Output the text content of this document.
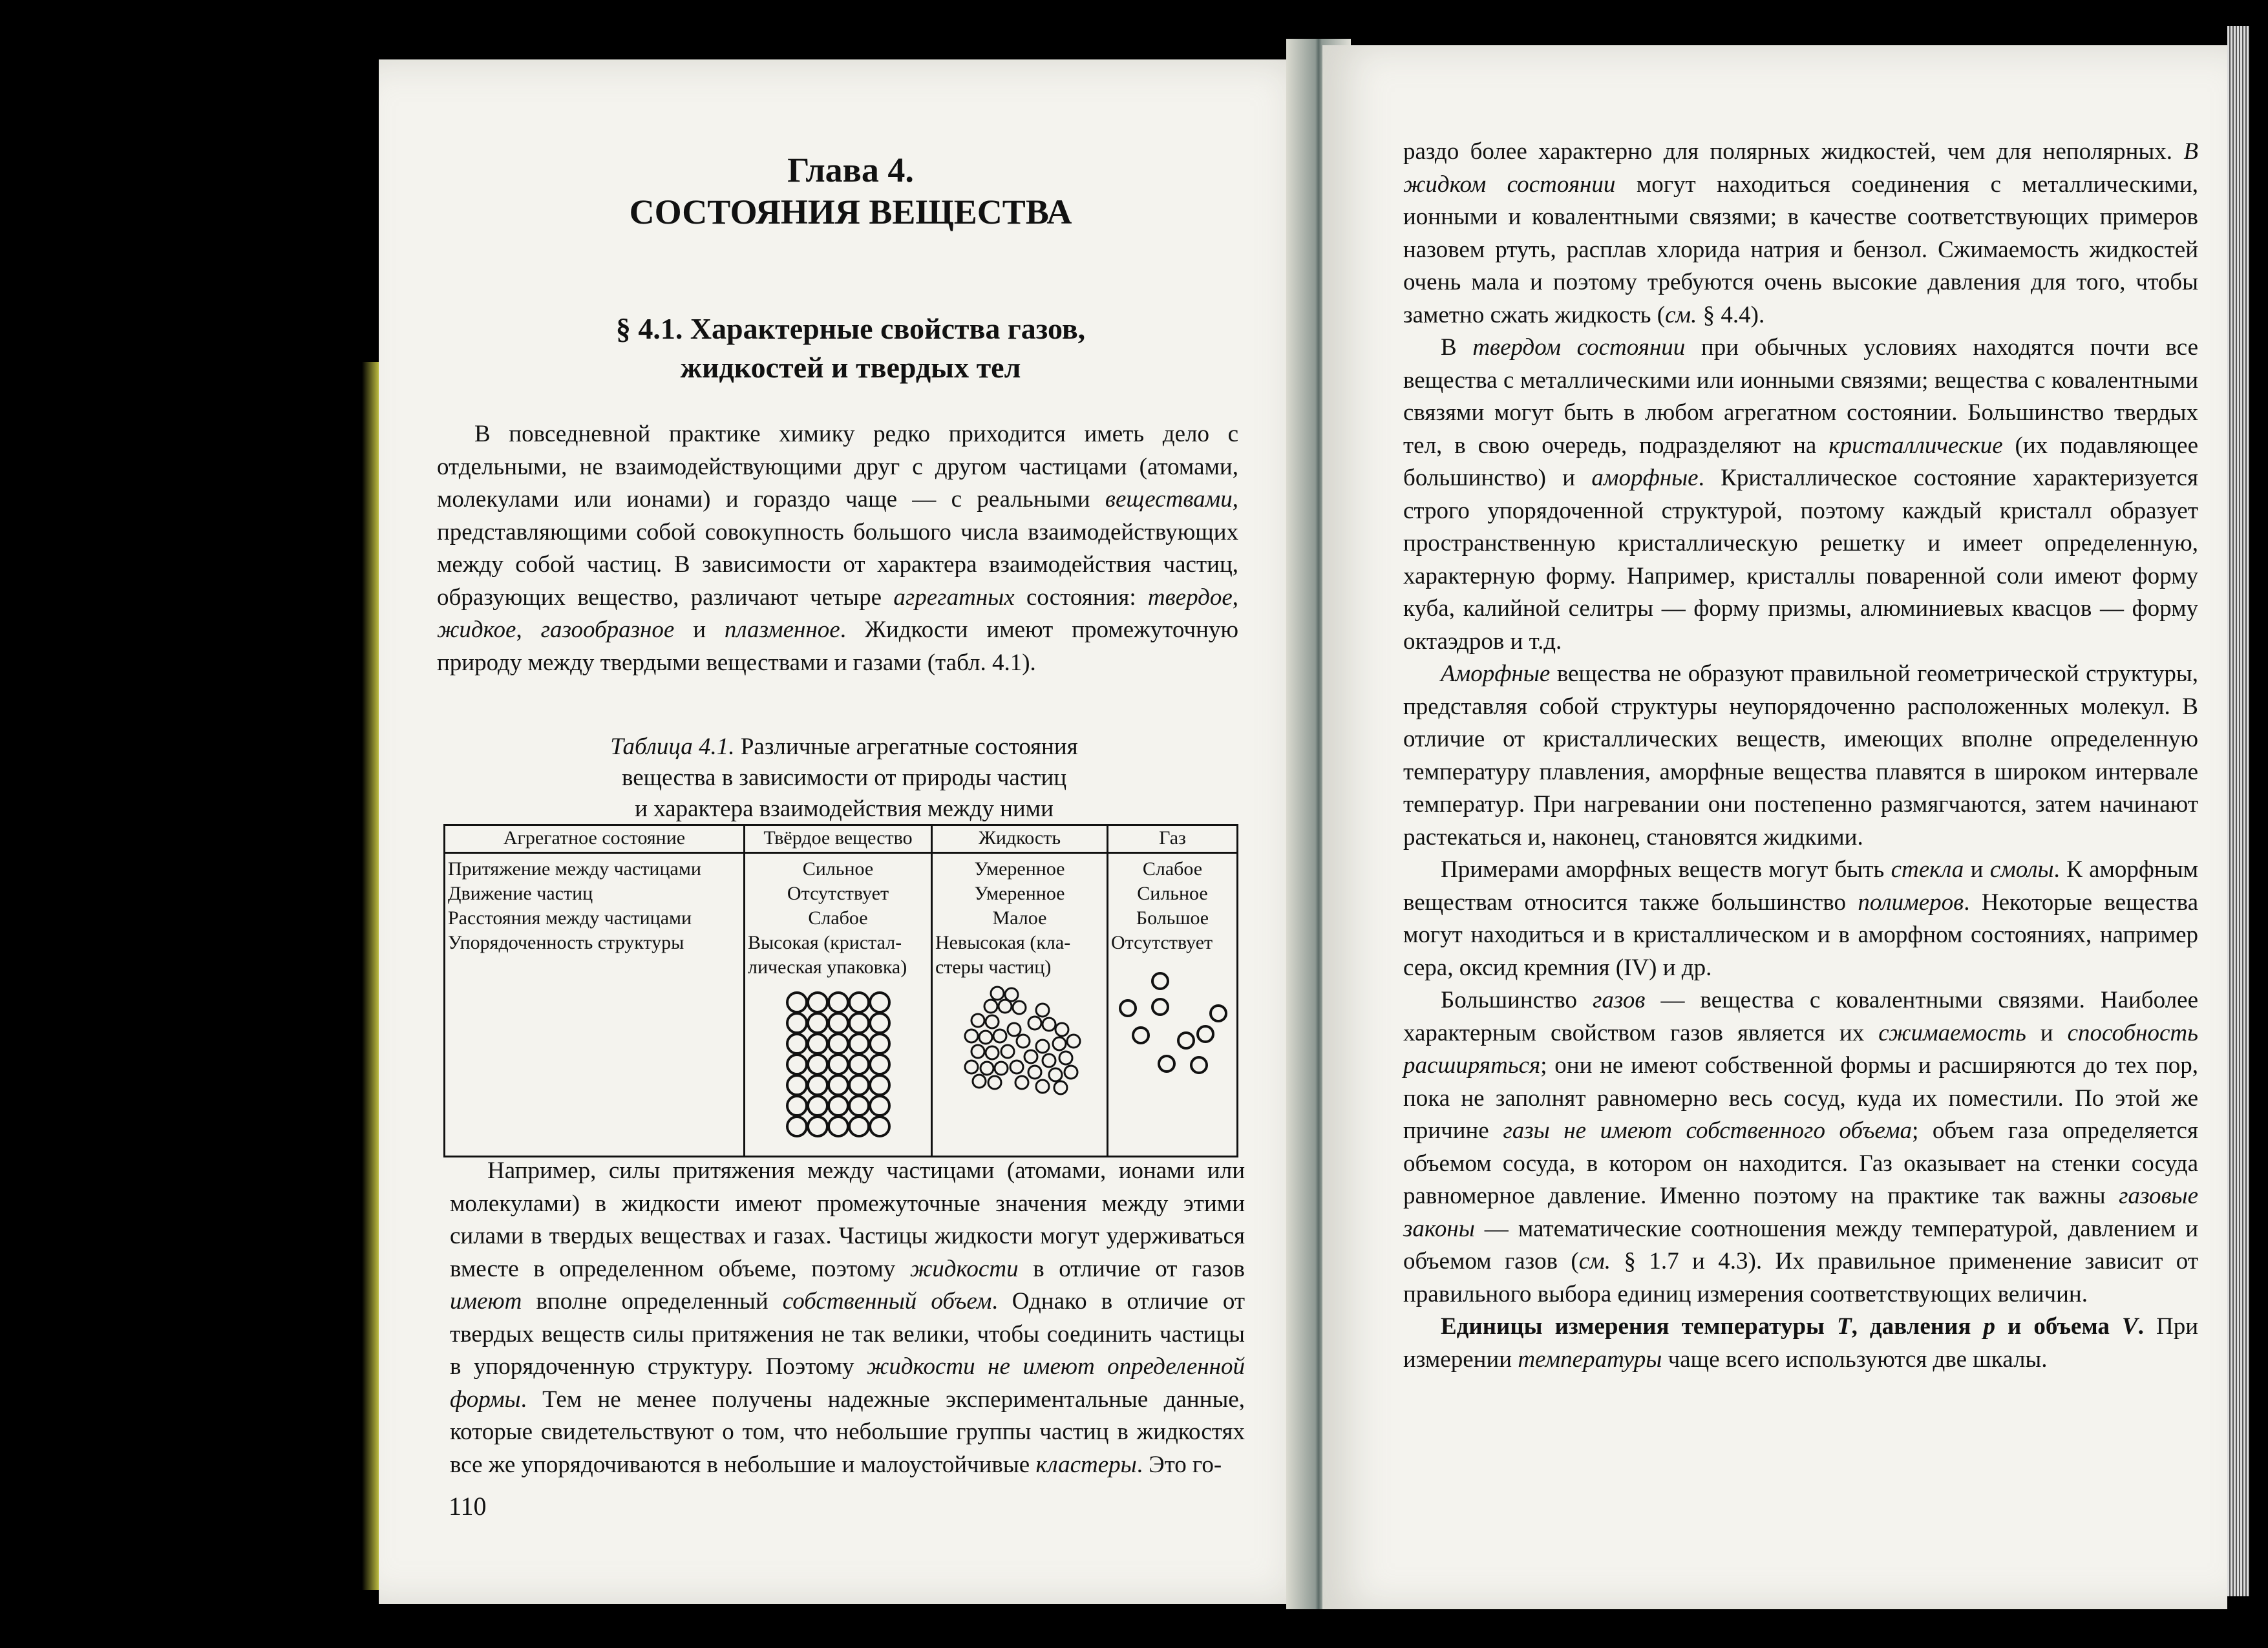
Глава 4.
СОСТОЯНИЯ ВЕЩЕСТВА
§ 4.1. Характерные свойства газов,
жидкостей и твердых тел

В повседневной практике химику редко приходится иметь дело с отдельными, не взаимодействующими друг с другом частицами (атомами, молекулами или ионами) и гораздо чаще — с реальными веществами, представляющими собой совокупность большого числа взаимодействующих между собой частиц. В зависимости от характера взаимодействия частиц, образующих вещество, различают четыре агрегатных состояния: твердое, жидкое, газообразное и плазменное. Жидкости имеют промежуточную природу между твердыми веществами и газами (табл. 4.1).

Таблица 4.1. Различные агрегатные состояния
вещества в зависимости от природы частиц
и характера взаимодействия между ними
Агрегатное состояние
Притяжение между частицами
Движение частиц
Расстояния между частицами
Упорядоченность структуры
Твёрдое вещество
Сильное
Отсутствует
Слабое
Высокая (кристал-
лическая упаковка)
Жидкость
Умеренное
Умеренное
Малое
Невысокая (кла-
стеры частиц)
Газ
Слабое
Сильное
Большое
Отсутствует

Например, силы притяжения между частицами (атомами, ионами или молекулами) в жидкости имеют промежуточные значения между этими силами в твердых веществах и газах. Частицы жидкости могут удерживаться вместе в определенном объеме, поэтому жидкости в отличие от газов имеют вполне определенный собственный объем. Однако в отличие от твердых веществ силы притяжения не так велики, чтобы соединить частицы в упорядоченную структуру. Поэтому жидкости не имеют определенной формы. Тем не менее получены надежные экспериментальные данные, которые свидетельствуют о том, что небольшие группы частиц в жидкостях все же упорядочиваются в небольшие и малоустойчивые кластеры. Это го-

110

раздо более характерно для полярных жидкостей, чем для неполярных. В жидком состоянии могут находиться соединения с металлическими, ионными и ковалентными связями; в качестве соответствующих примеров назовем ртуть, расплав хлорида натрия и бензол. Сжимаемость жидкостей очень мала и поэтому требуются очень высокие давления для того, чтобы заметно сжать жидкость (см. § 4.4).

В твердом состоянии при обычных условиях находятся почти все вещества с металлическими или ионными связями; вещества с ковалентными связями могут быть в любом агрегатном состоянии. Большинство твердых тел, в свою очередь, подразделяют на кристаллические (их подавляющее большинство) и аморфные. Кристаллическое состояние характеризуется строго упорядоченной структурой, поэтому каждый кристалл образует пространственную кристаллическую решетку и имеет определенную, характерную форму. Например, кристаллы поваренной соли имеют форму куба, калийной селитры — форму призмы, алюминиевых квасцов — форму октаэдров и т.д.

Аморфные вещества не образуют правильной геометрической структуры, представляя собой структуры неупорядоченно расположенных молекул. В отличие от кристаллических веществ, имеющих вполне определенную температуру плавления, аморфные вещества плавятся в широком интервале температур. При нагревании они постепенно размягчаются, затем начинают растекаться и, наконец, становятся жидкими.

Примерами аморфных веществ могут быть стекла и смолы. К аморфным веществам относится также большинство полимеров. Некоторые вещества могут находиться и в кристаллическом и в аморфном состояниях, например сера, оксид кремния (IV) и др.

Большинство газов — вещества с ковалентными связями. Наиболее характерным свойством газов является их сжимаемость и способность расширяться; они не имеют собственной формы и расширяются до тех пор, пока не заполнят равномерно весь сосуд, куда их поместили. По этой же причине газы не имеют собственного объема; объем газа определяется объемом сосуда, в котором он находится. Газ оказывает на стенки сосуда равномерное давление. Именно поэтому на практике так важны газовые законы — математические соотношения между температурой, давлением и объемом газов (см. § 1.7 и 4.3). Их правильное применение зависит от правильного выбора единиц измерения соответствующих величин.

Единицы измерения температуры T, давления p и объема V. При измерении температуры чаще всего используются две шкалы.
